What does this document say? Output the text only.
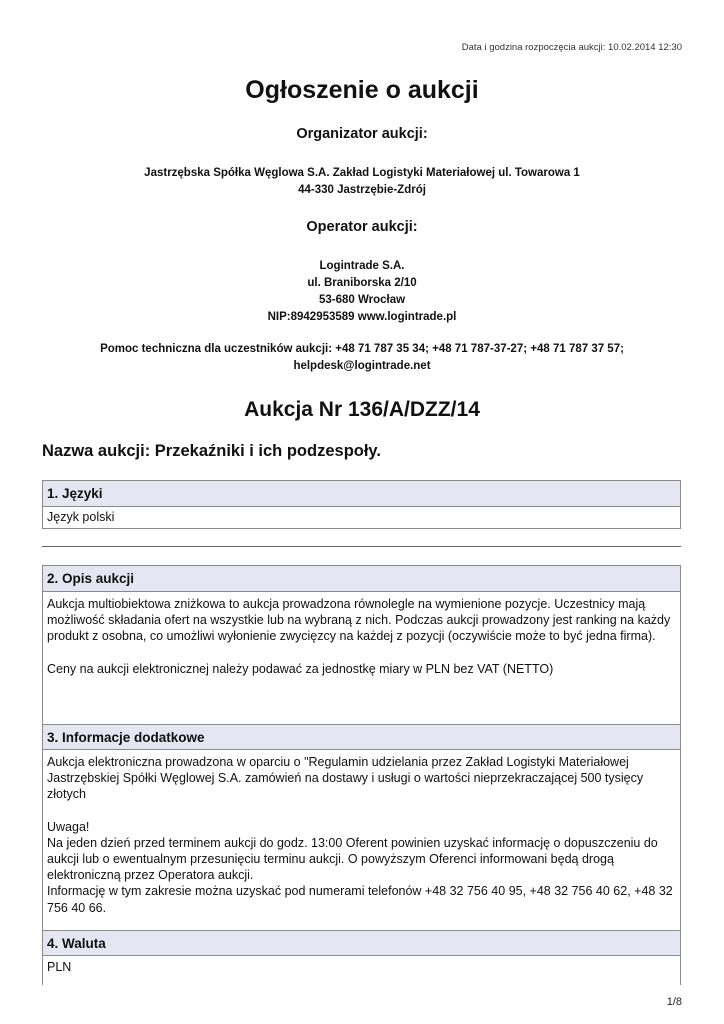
Data i godzina rozpoczęcia aukcji: 10.02.2014 12:30
Ogłoszenie o aukcji
Organizator aukcji:
Jastrzębska Spółka Węglowa S.A. Zakład Logistyki Materiałowej ul. Towarowa 1
44-330 Jastrzębie-Zdrój
Operator aukcji:
Logintrade S.A.
ul. Braniborska 2/10
53-680 Wrocław
NIP:8942953589 www.logintrade.pl
Pomoc techniczna dla uczestników aukcji: +48 71 787 35 34; +48 71 787-37-27; +48 71 787 37 57;
helpdesk@logintrade.net
Aukcja Nr 136/A/DZZ/14
Nazwa aukcji: Przekaźniki i ich podzespoły.
1. Języki
Język polski
2. Opis aukcji

Aukcja multiobiektowa zniżkowa to aukcja prowadzona równolegle na wymienione pozycje. Uczestnicy mają możliwość składania ofert na wszystkie lub na wybraną z nich. Podczas aukcji prowadzony jest ranking na każdy produkt z osobna, co umożliwi wyłonienie zwycięzcy na każdej z pozycji (oczywiście może to być jedna firma).

Ceny na aukcji elektronicznej należy podawać za jednostkę miary w PLN bez VAT (NETTO)

3. Informacje dodatkowe

Aukcja elektroniczna prowadzona w oparciu o "Regulamin udzielania przez Zakład Logistyki Materiałowej Jastrzębskiej Spółki Węglowej S.A. zamówień na dostawy i usługi o wartości nieprzekraczającej 500 tysięcy złotych

Uwaga!

Na jeden dzień przed terminem aukcji do godz. 13:00 Oferent powinien uzyskać informację o dopuszczeniu do aukcji lub o ewentualnym przesunięciu terminu aukcji. O powyższym Oferenci informowani będą drogą elektroniczną przez Operatora aukcji.

Informację w tym zakresie można uzyskać pod numerami telefonów +48 32 756 40 95, +48 32 756 40 62, +48 32 756 40 66.

4. Waluta
PLN
1/8
